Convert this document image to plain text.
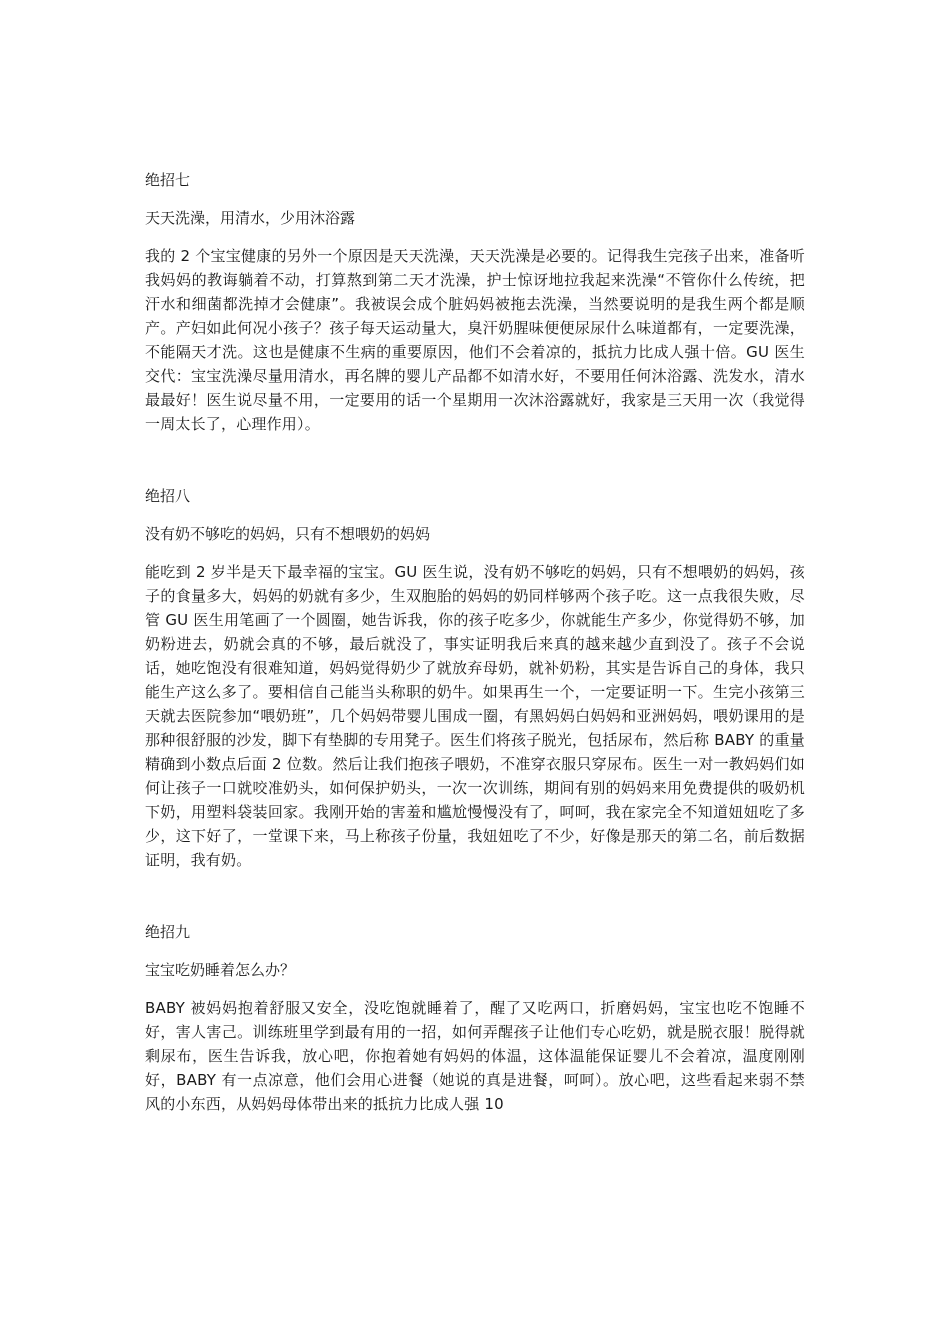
绝招七

天天洗澡，用清水，少用沐浴露

我的 2 个宝宝健康的另外一个原因是天天洗澡，天天洗澡是必要的。记得我生完孩子出来，准备听我妈妈的教诲躺着不动，打算熬到第二天才洗澡，护士惊讶地拉我起来洗澡“不管你什么传统，把汗水和细菌都洗掉才会健康”。我被误会成个脏妈妈被拖去洗澡，当然要说明的是我生两个都是顺产。产妇如此何况小孩子？孩子每天运动量大，臭汗奶腥味便便尿尿什么味道都有，一定要洗澡，不能隔天才洗。这也是健康不生病的重要原因，他们不会着凉的，抵抗力比成人强十倍。GU 医生交代：宝宝洗澡尽量用清水，再名牌的婴儿产品都不如清水好，不要用任何沐浴露、洗发水，清水最最好！医生说尽量不用，一定要用的话一个星期用一次沐浴露就好，我家是三天用一次（我觉得一周太长了，心理作用）。

绝招八

没有奶不够吃的妈妈，只有不想喂奶的妈妈

能吃到 2 岁半是天下最幸福的宝宝。GU 医生说，没有奶不够吃的妈妈，只有不想喂奶的妈妈，孩子的食量多大，妈妈的奶就有多少，生双胞胎的妈妈的奶同样够两个孩子吃。这一点我很失败，尽管 GU 医生用笔画了一个圆圈，她告诉我，你的孩子吃多少，你就能生产多少，你觉得奶不够，加奶粉进去，奶就会真的不够，最后就没了，事实证明我后来真的越来越少直到没了。孩子不会说话，她吃饱没有很难知道，妈妈觉得奶少了就放弃母奶，就补奶粉，其实是告诉自己的身体，我只能生产这么多了。要相信自己能当头称职的奶牛。如果再生一个，一定要证明一下。生完小孩第三天就去医院参加“喂奶班”，几个妈妈带婴儿围成一圈，有黑妈妈白妈妈和亚洲妈妈，喂奶课用的是那种很舒服的沙发，脚下有垫脚的专用凳子。医生们将孩子脱光，包括尿布，然后称 BABY 的重量精确到小数点后面 2 位数。然后让我们抱孩子喂奶，不准穿衣服只穿尿布。医生一对一教妈妈们如何让孩子一口就咬准奶头，如何保护奶头，一次一次训练，期间有别的妈妈来用免费提供的吸奶机下奶，用塑料袋装回家。我刚开始的害羞和尴尬慢慢没有了，呵呵，我在家完全不知道妞妞吃了多少，这下好了，一堂课下来，马上称孩子份量，我妞妞吃了不少，好像是那天的第二名，前后数据证明，我有奶。

绝招九

宝宝吃奶睡着怎么办？

BABY 被妈妈抱着舒服又安全，没吃饱就睡着了，醒了又吃两口，折磨妈妈，宝宝也吃不饱睡不好，害人害己。训练班里学到最有用的一招，如何弄醒孩子让他们专心吃奶，就是脱衣服！脱得就剩尿布，医生告诉我，放心吧，你抱着她有妈妈的体温，这体温能保证婴儿不会着凉，温度刚刚好，BABY 有一点凉意，他们会用心进餐（她说的真是进餐，呵呵）。放心吧，这些看起来弱不禁风的小东西，从妈妈母体带出来的抵抗力比成人强 10
